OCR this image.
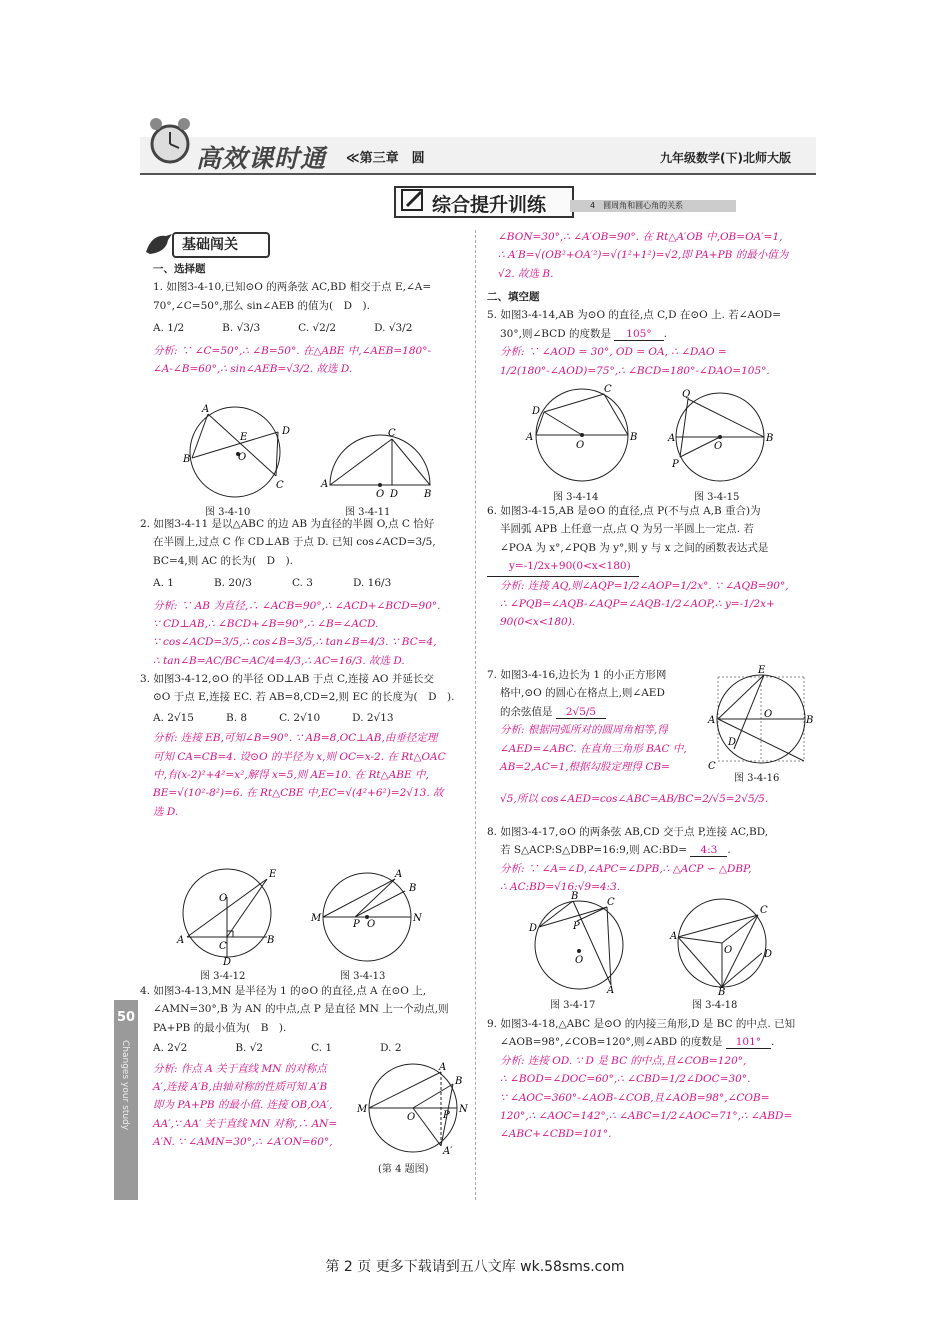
高效课时通 ≪第三章　圆	九年级数学(下)北师大版
综合提升训练	4　圆周角和圆心角的关系
基础闯关

一、选择题

1. 如图3-4-10,已知⊙O 的两条弦 AC,BD 相交于点 E,∠A=

70°,∠C=50°,那么 sin∠AEB 的值为(　D　).

A. 1/2	B. √3/3	C. √2/2	D. √3/2

分析: ∵ ∠C=50°,∴ ∠B=50°. 在△ABE 中,∠AEB=180°-

∠A-∠B=60°,∴ sin∠AEB=√3/2. 故选 D.

A
B
D
C
E
O
A
C
O D	B
图 3-4-10	图 3-4-11

2. 如图3-4-11 是以△ABC 的边 AB 为直径的半圆 O,点 C 恰好

在半圆上,过点 C 作 CD⊥AB 于点 D. 已知 cos∠ACD=3/5,

BC=4,则 AC 的长为(　D　).

A. 1	B. 20/3	C. 3	D. 16/3

分析: ∵ AB 为直径,∴ ∠ACB=90°,∴ ∠ACD+∠BCD=90°.

∵ CD⊥AB,∴ ∠BCD+∠B=90°,∴ ∠B=∠ACD.

∵ cos∠ACD=3/5,∴ cos∠B=3/5,∴ tan∠B=4/3. ∵ BC=4,

∴ tan∠B=AC/BC=AC/4=4/3,∴ AC=16/3. 故选 D.

3. 如图3-4-12,⊙O 的半径 OD⊥AB 于点 C,连接 AO 并延长交

⊙O 于点 E,连接 EC. 若 AB=8,CD=2,则 EC 的长度为(　D　).

A. 2√15	B. 8	C. 2√10	D. 2√13

分析: 连接 EB,可知∠B=90°. ∵ AB=8,OC⊥AB,由垂径定理

可知 CA=CB=4. 设⊙O 的半径为 x,则 OC=x-2. 在 Rt△OAC

中,有(x-2)²+4²=x²,解得 x=5,则 AE=10. 在 Rt△ABE 中,

BE=√(10²-8²)=6. 在 Rt△CBE 中,EC=√(4²+6²)=2√13. 故

选 D.

A
E
O
C
D
B
M	N
A
B
P O
图 3-4-12	图 3-4-13

4. 如图3-4-13,MN 是半径为 1 的⊙O 的直径,点 A 在⊙O 上,

∠AMN=30°,B 为 AN 的中点,点 P 是直径 MN 上一个动点,则

PA+PB 的最小值为(　B　).

A. 2√2	B. √2	C. 1	D. 2

分析: 作点 A 关于直线 MN 的对称点

A′,连接 A′B,由轴对称的性质可知 A′B

即为 PA+PB 的最小值. 连接 OB,OA′,

AA′,∵ AA′ 关于直线 MN 对称,∴ AN=

A′N. ∵ ∠AMN=30°,∴ ∠A′ON=60°,

M	N
A
B
P
O
A′
(第 4 题图)

∠BON=30°,∴ ∠A′OB=90°. 在 Rt△A′OB 中,OB=OA′=1,

∴ A′B=√(OB²+OA′²)=√(1²+1²)=√2,即 PA+PB 的最小值为

√2. 故选 B.

二、填空题

5. 如图3-4-14,AB 为⊙O 的直径,点 C,D 在⊙O 上. 若∠AOD=

30°,则∠BCD 的度数是 105° .

分析: ∵ ∠AOD = 30°, OD = OA, ∴ ∠DAO =

1/2(180°-∠AOD)=75°,∴ ∠BCD=180°-∠DAO=105°.

A	B
D
C
O
Q
A	B
P
O
图 3-4-14	图 3-4-15

6. 如图3-4-15,AB 是⊙O 的直径,点 P(不与点 A,B 重合)为

半圆弧 APB 上任意一点,点 Q 为另一半圆上一定点. 若

∠POA 为 x°,∠PQB 为 y°,则 y 与 x 之间的函数表达式是

y=-1/2x+90(0<x<180)

分析: 连接 AQ,则∠AQP=1/2∠AOP=1/2x°. ∵ ∠AQB=90°,

∴ ∠PQB=∠AQB-∠AQP=∠AQB-1/2∠AOP,∴ y=-1/2x+

90(0<x<180).

7. 如图3-4-16,边长为 1 的小正方形网

格中,⊙O 的圆心在格点上,则∠AED

的余弦值是 2√5/5

分析: 根据同弧所对的圆周角相等,得

∠AED=∠ABC. 在直角三角形 BAC 中,

AB=2,AC=1,根据勾股定理得 CB=

√5,所以 cos∠AED=cos∠ABC=AB/BC=2/√5=2√5/5.

E
A	B
D
C
O
图 3-4-16

8. 如图3-4-17,⊙O 的两条弦 AB,CD 交于点 P,连接 AC,BD,

若 S△ACP:S△DBP=16:9,则 AC:BD= 4:3 .

分析: ∵ ∠A=∠D,∠APC=∠DPB,∴ △ACP ∽ △DBP,

∴ AC:BD=√16:√9=4:3.

B
C
D	P
O
A
A
C
O
B
D
图 3-4-17	图 3-4-18

9. 如图3-4-18,△ABC 是⊙O 的内接三角形,D 是 BC 的中点. 已知

∠AOB=98°,∠COB=120°,则∠ABD 的度数是 101° .

分析: 连接 OD. ∵ D 是 BC 的中点,且∠COB=120°,

∴ ∠BOD=∠DOC=60°,∴ ∠CBD=1/2∠DOC=30°.

∵ ∠AOC=360°-∠AOB-∠COB,且∠AOB=98°,∠COB=

120°,∴ ∠AOC=142°,∴ ∠ABC=1/2∠AOC=71°,∴ ∠ABD=

∠ABC+∠CBD=101°.

50
Changes your study
第 2 页 更多下载请到五八文库 wk.58sms.com
